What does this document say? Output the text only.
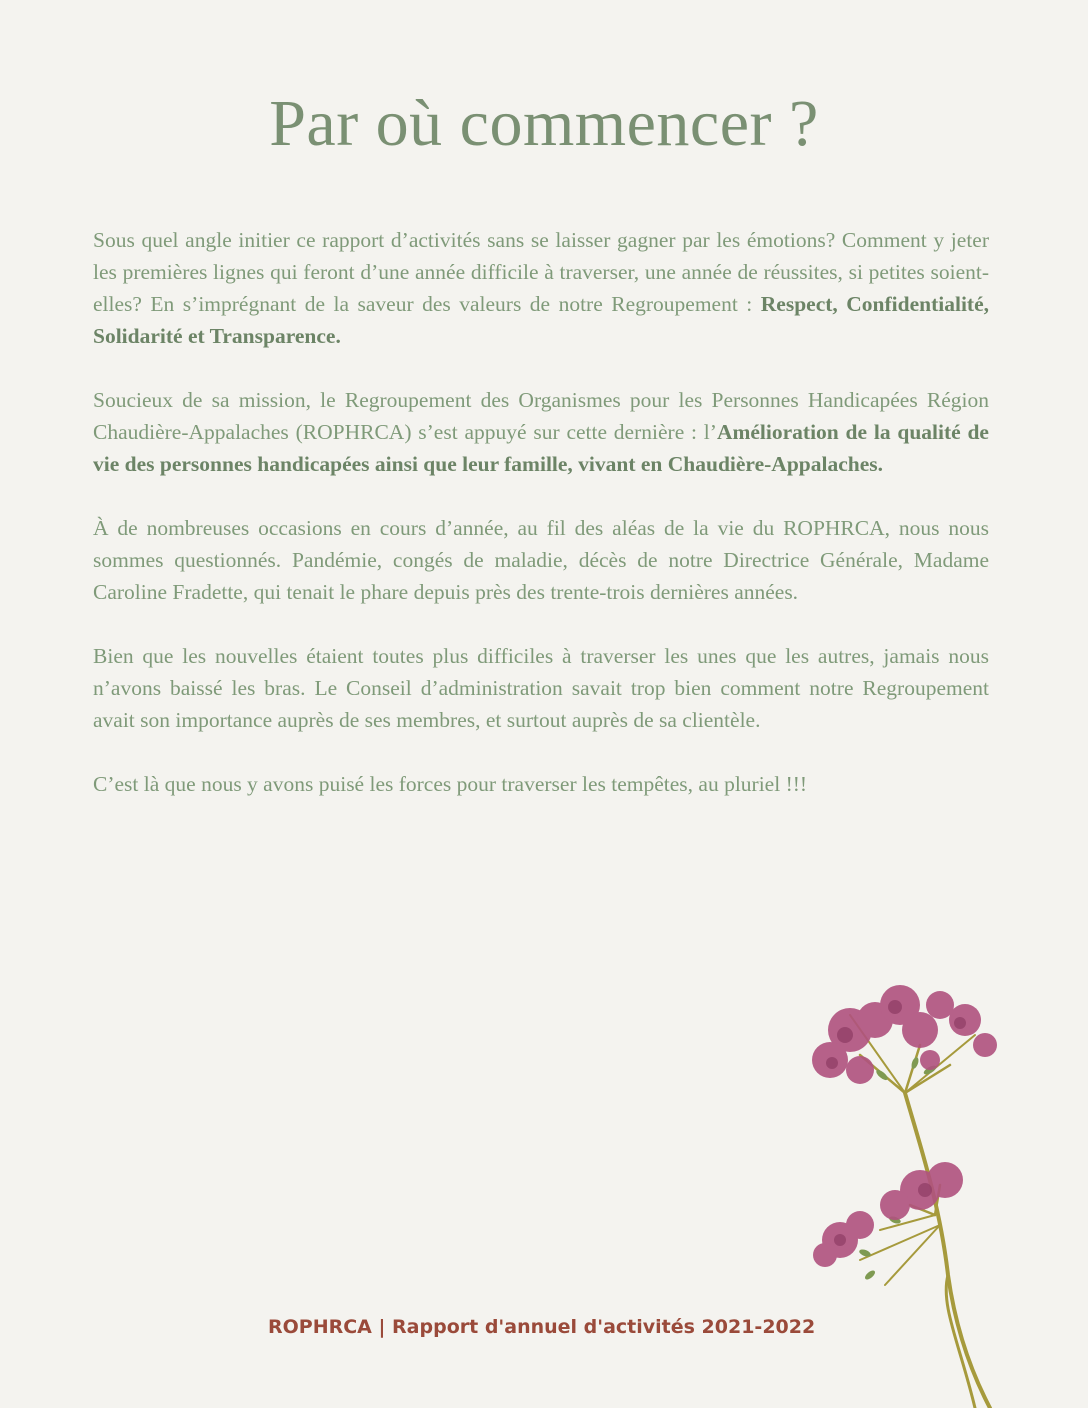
Par où commencer ?

Sous quel angle initier ce rapport d’activités sans se laisser gagner par les émotions? Comment y jeter les premières lignes qui feront d’une année difficile à traverser, une année de réussites, si petites soient-elles? En s’imprégnant de la saveur des valeurs de notre Regroupement : Respect, Confidentialité, Solidarité et Transparence.

Soucieux de sa mission, le Regroupement des Organismes pour les Personnes Handicapées Région Chaudière-Appalaches (ROPHRCA) s’est appuyé sur cette dernière : l’Amélioration de la qualité de vie des personnes handicapées ainsi que leur famille, vivant en Chaudière-Appalaches.

À de nombreuses occasions en cours d’année, au fil des aléas de la vie du ROPHRCA, nous nous sommes questionnés. Pandémie, congés de maladie, décès de notre Directrice Générale, Madame Caroline Fradette, qui tenait le phare depuis près des trente-trois dernières années.

Bien que les nouvelles étaient toutes plus difficiles à traverser les unes que les autres, jamais nous n’avons baissé les bras. Le Conseil d’administration savait trop bien comment notre Regroupement avait son importance auprès de ses membres, et surtout auprès de sa clientèle.

C’est là que nous y avons puisé les forces pour traverser les tempêtes, au pluriel !!!

ROPHRCA | Rapport d'annuel d'activités 2021-2022
